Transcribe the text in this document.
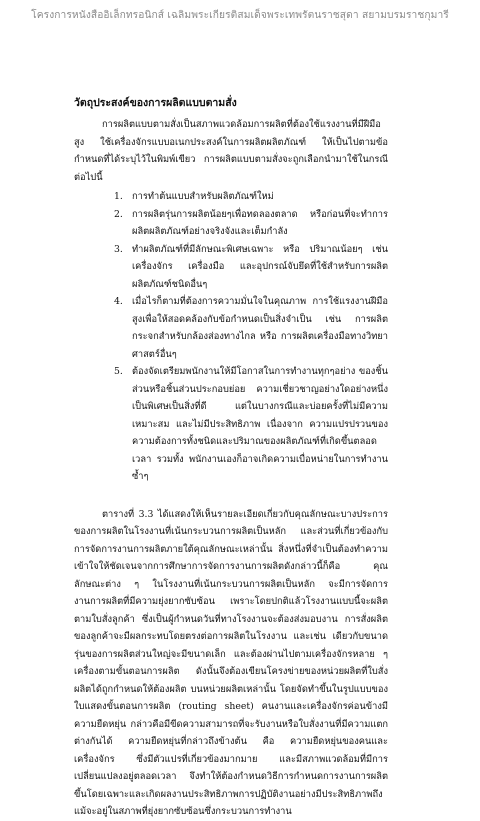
โครงการหนังสืออิเล็กทรอนิกส์ เฉลิมพระเกียรติสมเด็จพระเทพรัตนราชสุดา สยามบรมราชกุมารี
วัตถุประสงค์ของการผลิตแบบตามสั่ง

การผลิตแบบตามสั่งเป็นสภาพแวดล้อมการผลิตที่ต้องใช้แรงงานที่มีฝีมือสูง ใช้เครื่องจักรแบบอเนกประสงค์ในการผลิตผลิตภัณฑ์ ให้เป็นไปตามข้อกำหนดที่ได้ระบุไว้ในพิมพ์เขียว การผลิตแบบตามสั่งจะถูกเลือกนำมาใช้ในกรณีต่อไปนี้

1. การทำต้นแบบสำหรับผลิตภัณฑ์ใหม่
2. การผลิตรุ่นการผลิตน้อยๆเพื่อทดลองตลาด หรือก่อนที่จะทำการผลิตผลิตภัณฑ์อย่างจริงจังและเต็มกำลัง
3. ทำผลิตภัณฑ์ที่มีลักษณะพิเศษเฉพาะ หรือ ปริมาณน้อยๆ เช่น เครื่องจักร เครื่องมือ และอุปกรณ์จับยึดที่ใช้สำหรับการผลิตผลิตภัณฑ์ชนิดอื่นๆ
4. เมื่อไรก็ตามที่ต้องการความมั่นใจในคุณภาพ การใช้แรงงานฝีมือสูงเพื่อให้สอดคล้องกับข้อกำหนดเป็นสิ่งจำเป็น เช่น การผลิตกระจกสำหรับกล้องส่องทางไกล หรือ การผลิตเครื่องมือทางวิทยาศาสตร์อื่นๆ
5. ต้องจัดเตรียมพนักงานให้มีโอกาสในการทำงานทุกๆอย่าง ของชิ้นส่วนหรือชิ้นส่วนประกอบย่อย ความเชี่ยวชาญอย่างใดอย่างหนึ่งเป็นพิเศษเป็นสิ่งที่ดี แต่ในบางกรณีและบ่อยครั้งที่ไม่มีความเหมาะสม และไม่มีประสิทธิภาพ เนื่องจาก ความแปรปรวนของความต้องการทั้งชนิดและปริมาณของผลิตภัณฑ์ที่เกิดขึ้นตลอดเวลา รวมทั้ง พนักงานเองก็อาจเกิดความเบื่อหน่ายในการทำงานซ้ำๆ

ตารางที่ 3.3 ได้แสดงให้เห็นรายละเอียดเกี่ยวกับคุณลักษณะบางประการของการผลิตในโรงงานที่เน้นกระบวนการผลิตเป็นหลัก และส่วนที่เกี่ยวข้องกับการจัดการงานการผลิตภายใต้คุณลักษณะเหล่านั้น สิ่งหนึ่งที่จำเป็นต้องทำความเข้าใจให้ชัดเจนจากการศึกษาการจัดการงานการผลิตดังกล่าวนี้ก็คือ คุณ ลักษณะต่าง ๆ ในโรงงานที่เน้นกระบวนการผลิตเป็นหลัก จะมีการจัดการงานการผลิตที่มีความยุ่งยากซับซ้อน เพราะโดยปกติแล้วโรงงานแบบนี้จะผลิตตามใบสั่งลูกค้า ซึ่งเป็นผู้กำหนดวันที่ทางโรงงานจะต้องส่งมอบงาน การสั่งผลิตของลูกค้าจะมีผลกระทบโดยตรงต่อการผลิตในโรงงาน และเช่น เดียวกับขนาดรุ่นของการผลิตส่วนใหญ่จะมีขนาดเล็ก และต้องผ่านไปตามเครื่องจักรหลาย ๆ เครื่องตามขั้นตอนการผลิต ดังนั้นจึงต้องเขียนโครงข่ายของหน่วยผลิตที่ใบสั่งผลิตได้ถูกกำหนดให้ต้องผลิต บนหน่วยผลิตเหล่านั้น โดยจัดทำขึ้นในรูปแบบของใบแสดงขั้นตอนการผลิต (routing sheet) คนงานและเครื่องจักรค่อนข้างมีความยืดหยุ่น กล่าวคือมีขีดความสามารถที่จะรับงานหรือใบสั่งงานที่มีความแตกต่างกันได้ ความยืดหยุ่นที่กล่าวถึงข้างต้น คือ ความยืดหยุ่นของคนและเครื่องจักร ซึ่งมีตัวแปรที่เกี่ยวข้องมากมาย และมีสภาพแวดล้อมที่มีการเปลี่ยนแปลงอยู่ตลอดเวลา จึงทำให้ต้องกำหนดวิธีการกำหนดการงานการผลิตขึ้นโดยเฉพาะและเกิดผลงานประสิทธิภาพการปฏิบัติงานอย่างมีประสิทธิภาพถึงแม้จะอยู่ในสภาพที่ยุ่งยากซับซ้อนซึ่งกระบวนการทำงาน
